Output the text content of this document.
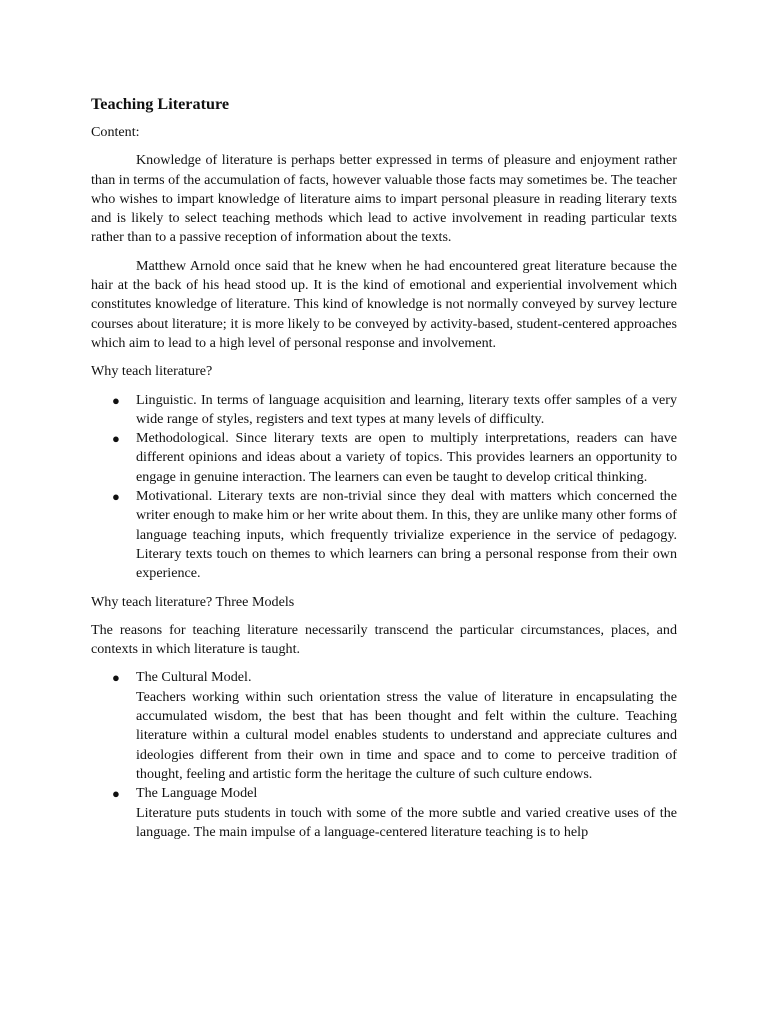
Teaching Literature

Content:

Knowledge of literature is perhaps better expressed in terms of pleasure and enjoyment rather than in terms of the accumulation of facts, however valuable those facts may sometimes be. The teacher who wishes to impart knowledge of literature aims to impart personal pleasure in reading literary texts and is likely to select teaching methods which lead to active involvement in reading particular texts rather than to a passive reception of information about the texts.

Matthew Arnold once said that he knew when he had encountered great literature because the hair at the back of his head stood up. It is the kind of emotional and experiential involvement which constitutes knowledge of literature. This kind of knowledge is not normally conveyed by survey lecture courses about literature; it is more likely to be conveyed by activity-based, student-centered approaches which aim to lead to a high level of personal response and involvement.

Why teach literature?

● Linguistic. In terms of language acquisition and learning, literary texts offer samples of a very wide range of styles, registers and text types at many levels of difficulty.
● Methodological. Since literary texts are open to multiply interpretations, readers can have different opinions and ideas about a variety of topics. This provides learners an opportunity to engage in genuine interaction. The learners can even be taught to develop critical thinking.
● Motivational. Literary texts are non-trivial since they deal with matters which concerned the writer enough to make him or her write about them. In this, they are unlike many other forms of language teaching inputs, which frequently trivialize experience in the service of pedagogy. Literary texts touch on themes to which learners can bring a personal response from their own experience.

Why teach literature? Three Models

The reasons for teaching literature necessarily transcend the particular circumstances, places, and contexts in which literature is taught.

● The Cultural Model.
Teachers working within such orientation stress the value of literature in encapsulating the accumulated wisdom, the best that has been thought and felt within the culture. Teaching literature within a cultural model enables students to understand and appreciate cultures and ideologies different from their own in time and space and to come to perceive tradition of thought, feeling and artistic form the heritage the culture of such culture endows.
● The Language Model
Literature puts students in touch with some of the more subtle and varied creative uses of the language. The main impulse of a language-centered literature teaching is to help
